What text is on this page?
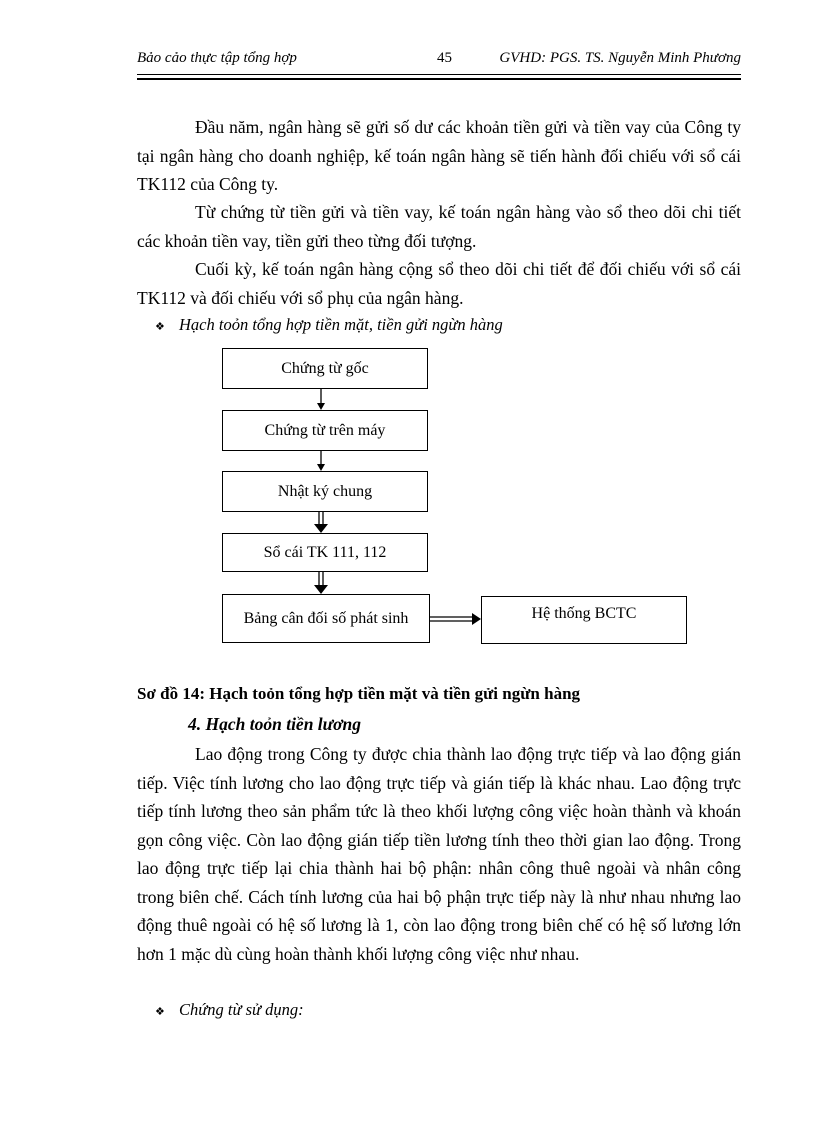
Bảo cảo thực tập tổng hợp	45	GVHD: PGS. TS. Nguyễn Minh Phương

Đầu năm, ngân hàng sẽ gửi số dư các khoản tiền gửi và tiền vay của Công ty tại ngân hàng cho doanh nghiệp, kế toán ngân hàng sẽ tiến hành đối chiếu với sổ cái TK112 của Công ty.

Từ chứng từ tiền gửi và tiền vay, kế toán ngân hàng vào sổ theo dõi chi tiết các khoản tiền vay, tiền gửi theo từng đối tượng.

Cuối kỳ, kế toán ngân hàng cộng sổ theo dõi chi tiết để đối chiếu với sổ cái TK112 và đối chiếu với sổ phụ của ngân hàng.

❖ Hạch toỏn tổng hợp tiền mặt, tiền gửi ngừn hàng
Chứng từ gốc
Chứng từ trên máy
Nhật ký chung
Sổ cái TK 111, 112
Bảng cân đối số phát sinh	Hệ thống BCTC
Sơ đồ 14: Hạch toỏn tổng hợp tiền mặt và tiền gửi ngừn hàng
4. Hạch toỏn tiền lương

Lao động trong Công ty được chia thành lao động trực tiếp và lao động gián tiếp. Việc tính lương cho lao động trực tiếp và gián tiếp là khác nhau. Lao động trực tiếp tính lương theo sản phẩm tức là theo khối lượng công việc hoàn thành và khoán gọn công việc. Còn lao động gián tiếp tiền lương tính theo thời gian lao động. Trong lao động trực tiếp lại chia thành hai bộ phận: nhân công thuê ngoài và nhân công trong biên chế. Cách tính lương của hai bộ phận trực tiếp này là như nhau nhưng lao động thuê ngoài có hệ số lương là 1, còn lao động trong biên chế có hệ số lương lớn hơn 1 mặc dù cùng hoàn thành khối lượng công việc như nhau.

❖ Chứng từ sử dụng:
